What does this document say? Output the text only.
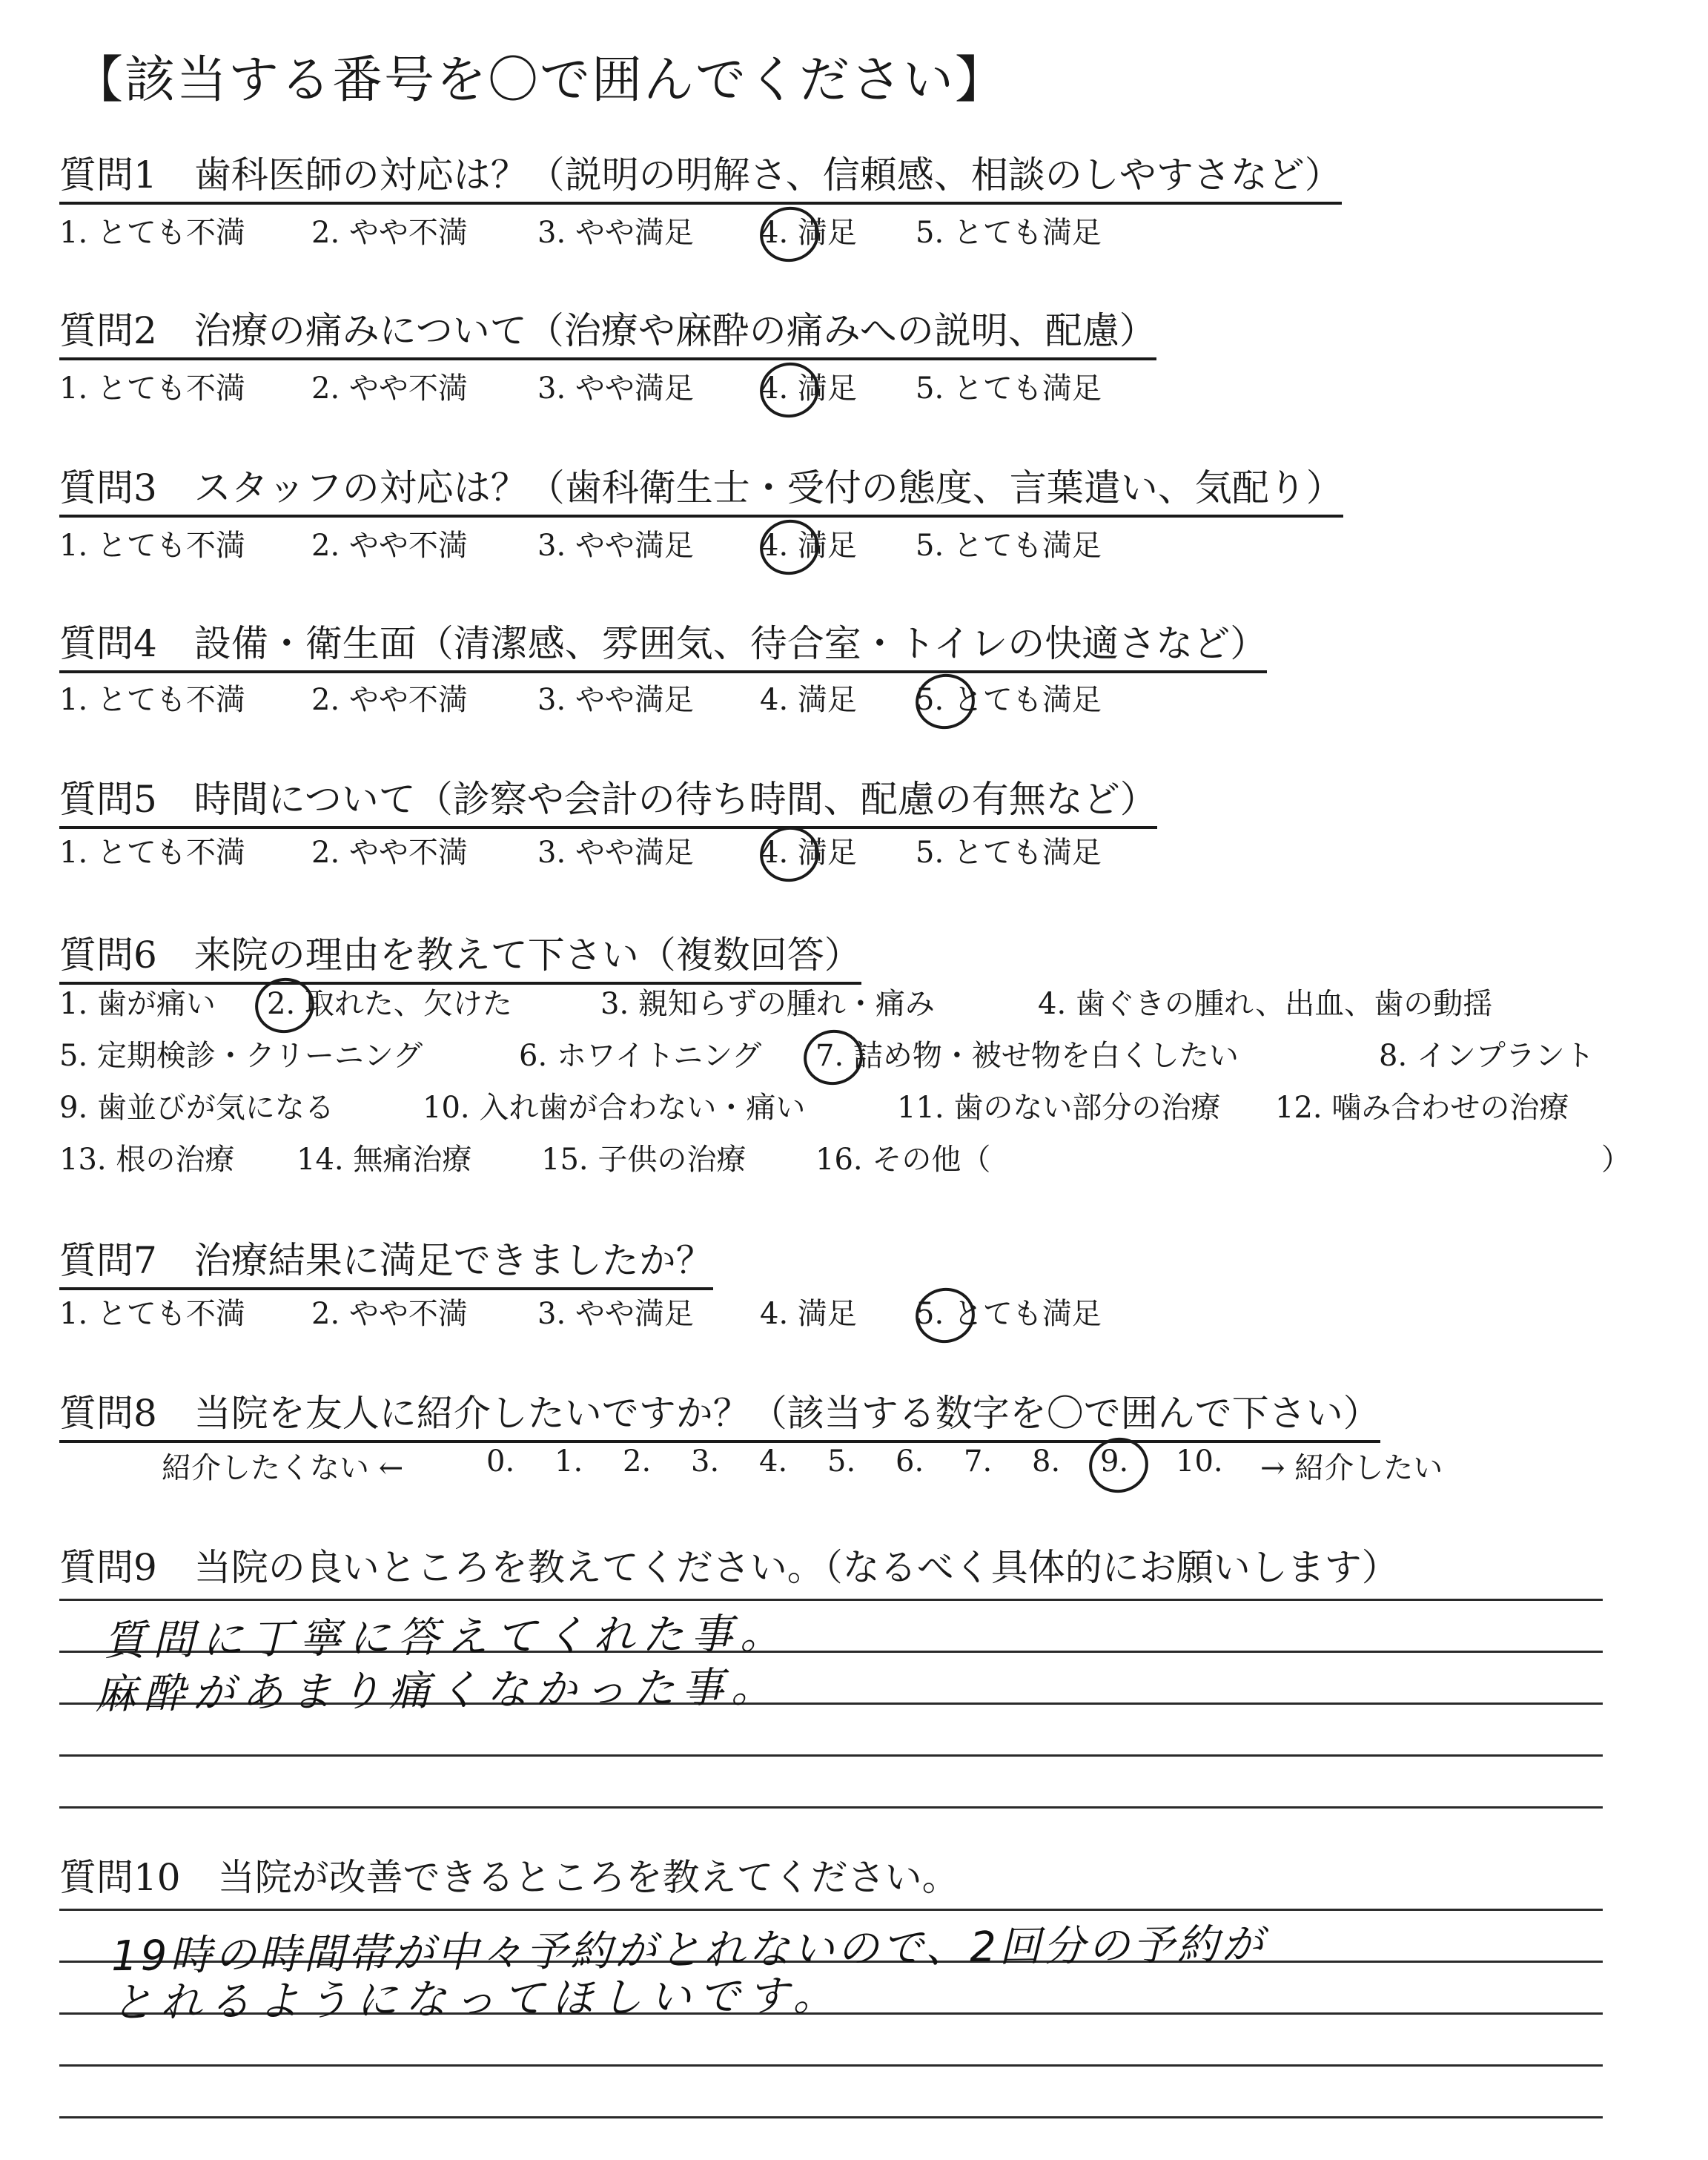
【該当する番号を〇で囲んでください】
質問1　歯科医師の対応は？（説明の明解さ、信頼感、相談のしやすさなど）
1. とても不満 2. やや不満 3. やや満足 4. 満足 5. とても満足
質問2　治療の痛みについて（治療や麻酔の痛みへの説明、配慮）
1. とても不満 2. やや不満 3. やや満足 4. 満足 5. とても満足
質問3　スタッフの対応は？（歯科衛生士・受付の態度、言葉遣い、気配り）
1. とても不満 2. やや不満 3. やや満足 4. 満足 5. とても満足
質問4　設備・衛生面（清潔感、雰囲気、待合室・トイレの快適さなど）
1. とても不満 2. やや不満 3. やや満足 4. 満足 5. とても満足
質問5　時間について（診察や会計の待ち時間、配慮の有無など）
1. とても不満 2. やや不満 3. やや満足 4. 満足 5. とても満足
質問6　来院の理由を教えて下さい（複数回答）
1. 歯が痛い 2. 取れた、欠けた	3. 親知らずの腫れ・痛み	4. 歯ぐきの腫れ、出血、歯の動揺
5. 定期検診・クリーニング	6. ホワイトニング 7. 詰め物・被せ物を白くしたい	8. インプラント
9. 歯並びが気になる	10. 入れ歯が合わない・痛い	11. 歯のない部分の治療 12. 噛み合わせの治療
13. 根の治療 14. 無痛治療 15. 子供の治療 16. その他（	）
質問7　治療結果に満足できましたか？
1. とても不満 2. やや不満 3. やや満足 4. 満足 5. とても満足
質問8　当院を友人に紹介したいですか？（該当する数字を〇で囲んで下さい）
紹介したくない ←	0. 1. 2. 3. 4. 5. 6. 7. 8. 9. 10. → 紹介したい
質問9　当院の良いところを教えてください。（なるべく具体的にお願いします）
質問に丁寧に答えてくれた事。
麻酔があまり痛くなかった事。
質問10　当院が改善できるところを教えてください。
19時の時間帯が中々予約がとれないので、2回分の予約が
とれるようになってほしいです。
